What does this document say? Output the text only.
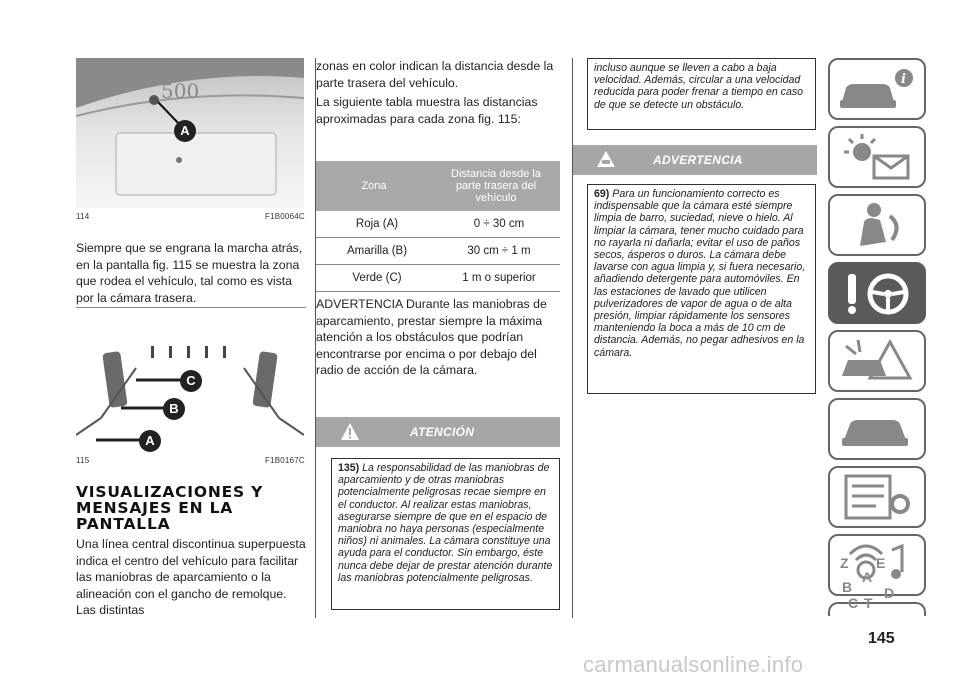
500
A
114	F1B0064C
Siempre que se engrana la marcha atrás, en la pantalla fig. 115 se muestra la zona que rodea el vehículo, tal como es vista por la cámara trasera.
C
B
A
115	F1B0167C
VISUALIZACIONES Y MENSAJES EN LA PANTALLA
Una línea central discontinua superpuesta indica el centro del vehículo para facilitar las maniobras de aparcamiento o la alineación con el gancho de remolque. Las distintas
zonas en color indican la distancia desde la parte trasera del vehículo.
La siguiente tabla muestra las distancias aproximadas para cada zona fig. 115:
Zona
Distancia desde la parte trasera del vehículo
Roja (A)	0 ÷ 30 cm
Amarilla (B)	30 cm ÷ 1 m
Verde (C)	1 m o superior
ADVERTENCIA Durante las maniobras de aparcamiento, prestar siempre la máxima atención a los obstáculos que podrían encontrarse por encima o por debajo del radio de acción de la cámara.
ATENCIÓN
135) La responsabilidad de las maniobras de aparcamiento y de otras maniobras potencialmente peligrosas recae siempre en el conductor. Al realizar estas maniobras, asegurarse siempre de que en el espacio de maniobra no haya personas (especialmente niños) ni animales. La cámara constituye una ayuda para el conductor. Sin embargo, éste nunca debe dejar de prestar atención durante las maniobras potencialmente peligrosas.
incluso aunque se lleven a cabo a baja velocidad. Además, circular a una velocidad reducida para poder frenar a tiempo en caso de que se detecte un obstáculo.
ADVERTENCIA
69) Para un funcionamiento correcto es indispensable que la cámara esté siempre limpia de barro, suciedad, nieve o hielo. Al limpiar la cámara, tener mucho cuidado para no rayarla ni dañarla; evitar el uso de paños secos, ásperos o duros. La cámara debe lavarse con agua limpia y, si fuera necesario, añadiendo detergente para automóviles. En las estaciones de lavado que utilicen pulverizadores de vapor de agua o de alta presión, limpiar rápidamente los sensores manteniendo la boca a más de 10 cm de distancia. Además, no pegar adhesivos en la cámara.
i
Z E
A
B
C T
D
145
carmanualsonline.info
